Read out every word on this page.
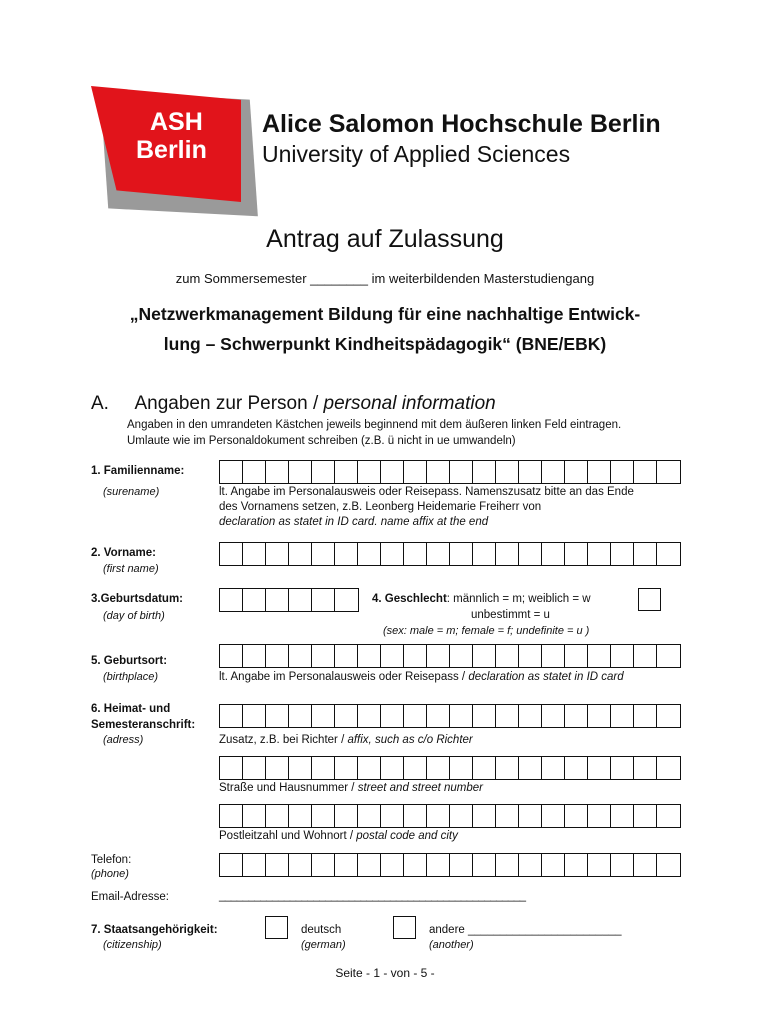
ASH
Berlin
Alice Salomon Hochschule Berlin
University of Applied Sciences
Antrag auf Zulassung
zum Sommersemester ________ im weiterbildenden Masterstudiengang
„Netzwerkmanagement Bildung für eine nachhaltige Entwick-
lung – Schwerpunkt Kindheitspädagogik“ (BNE/EBK)
A. Angaben zur Person / personal information
Angaben in den umrandeten Kästchen jeweils beginnend mit dem äußeren linken Feld eintragen.
Umlaute wie im Personaldokument schreiben (z.B. ü nicht in ue umwandeln)
1. Familienname:
(surename)	lt. Angabe im Personalausweis oder Reisepass. Namenszusatz bitte an das Ende
des Vornamens setzen, z.B. Leonberg Heidemarie Freiherr von
declaration as statet in ID card. name affix at the end
2. Vorname:
(first name)
3.Geburtsdatum:
(day of birth)
4. Geschlecht: männlich = m; weiblich = w
unbestimmt = u
(sex: male = m; female = f; undefinite = u )
5. Geburtsort:
(birthplace)	lt. Angabe im Personalausweis oder Reisepass / declaration as statet in ID card
6. Heimat- und
Semesteranschrift:
(adress)	Zusatz, z.B. bei Richter / affix, such as c/o Richter
Straße und Hausnummer / street and street number
Postleitzahl und Wohnort / postal code and city
Telefon:
(phone)
Email-Adresse:	____________________________________________________
7. Staatsangehörigkeit:
(citizenship)
deutsch
(german)
andere ________________________
(another)
Seite - 1 - von - 5 -
